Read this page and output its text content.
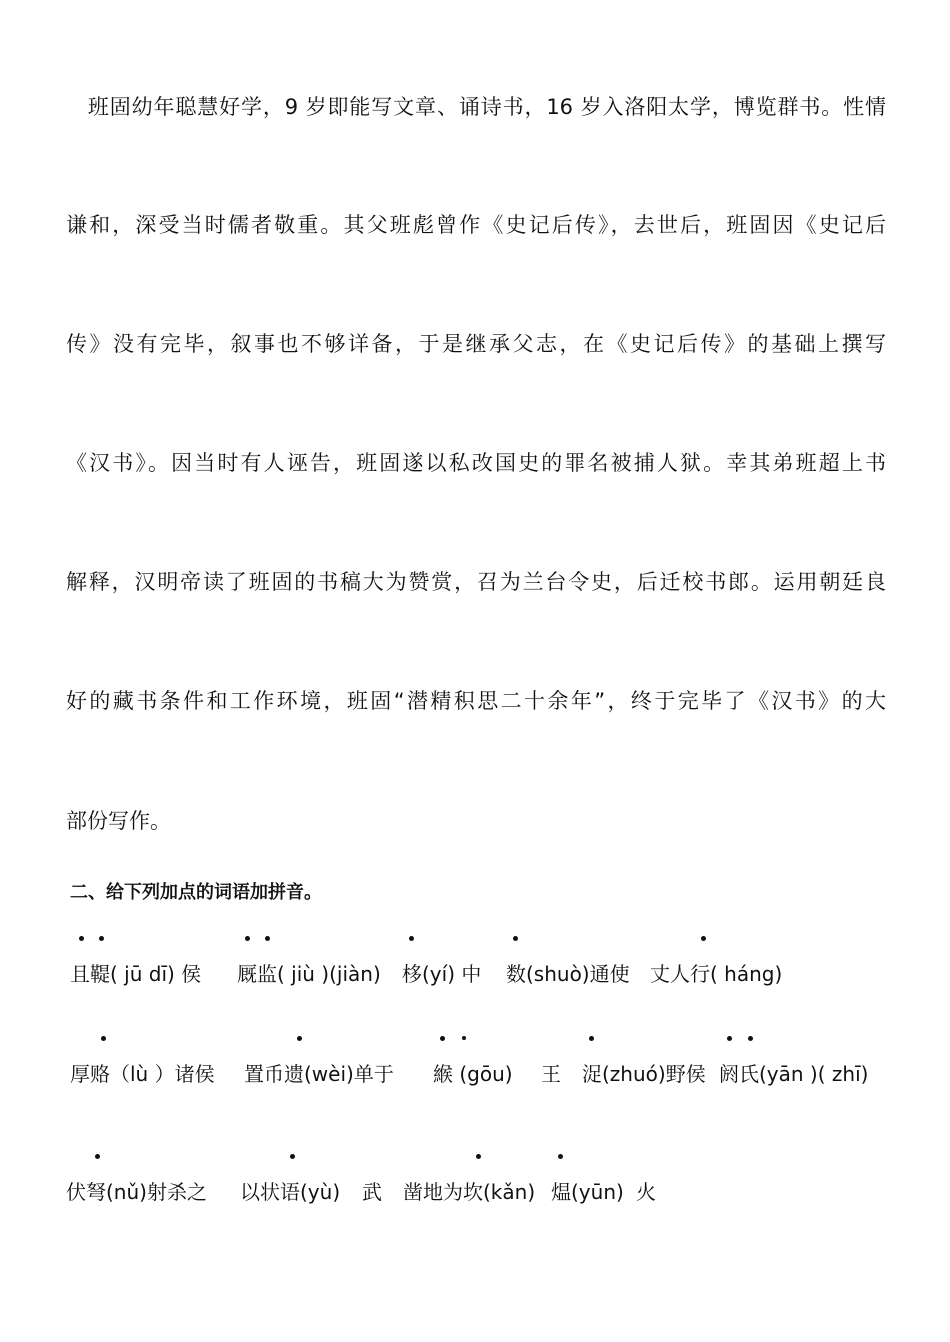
　班固幼年聪慧好学，9 岁即能写文章、诵诗书，16 岁入洛阳太学，博览群书。性情
谦和，深受当时儒者敬重。其父班彪曾作《史记后传》，去世后，班固因《史记后
传》没有完毕，叙事也不够详备，于是继承父志，在《史记后传》的基础上撰写
《汉书》。因当时有人诬告，班固遂以私改国史的罪名被捕人狱。幸其弟班超上书
解释，汉明帝读了班固的书稿大为赞赏，召为兰台令史，后迁校书郎。运用朝廷良
好的藏书条件和工作环境，班固“潜精积思二十余年”，终于完毕了《汉书》的大
部份写作。
二、给下列加点的词语加拼音。
且鞮( jū dī) 侯 厩监( jiù )(jiàn) 栘(yí) 中 数(shuò)通使 丈人行( háng)
厚赂（lù ）诸侯 置币遗(wèi)单于 緱 (gōu) 王 浞(zhuó)野侯 阏氏(yān )( zhī)
伏弩(nǔ)射杀之 以状语(yù) 武 凿地为坎(kǎn) 煴(yūn) 火
